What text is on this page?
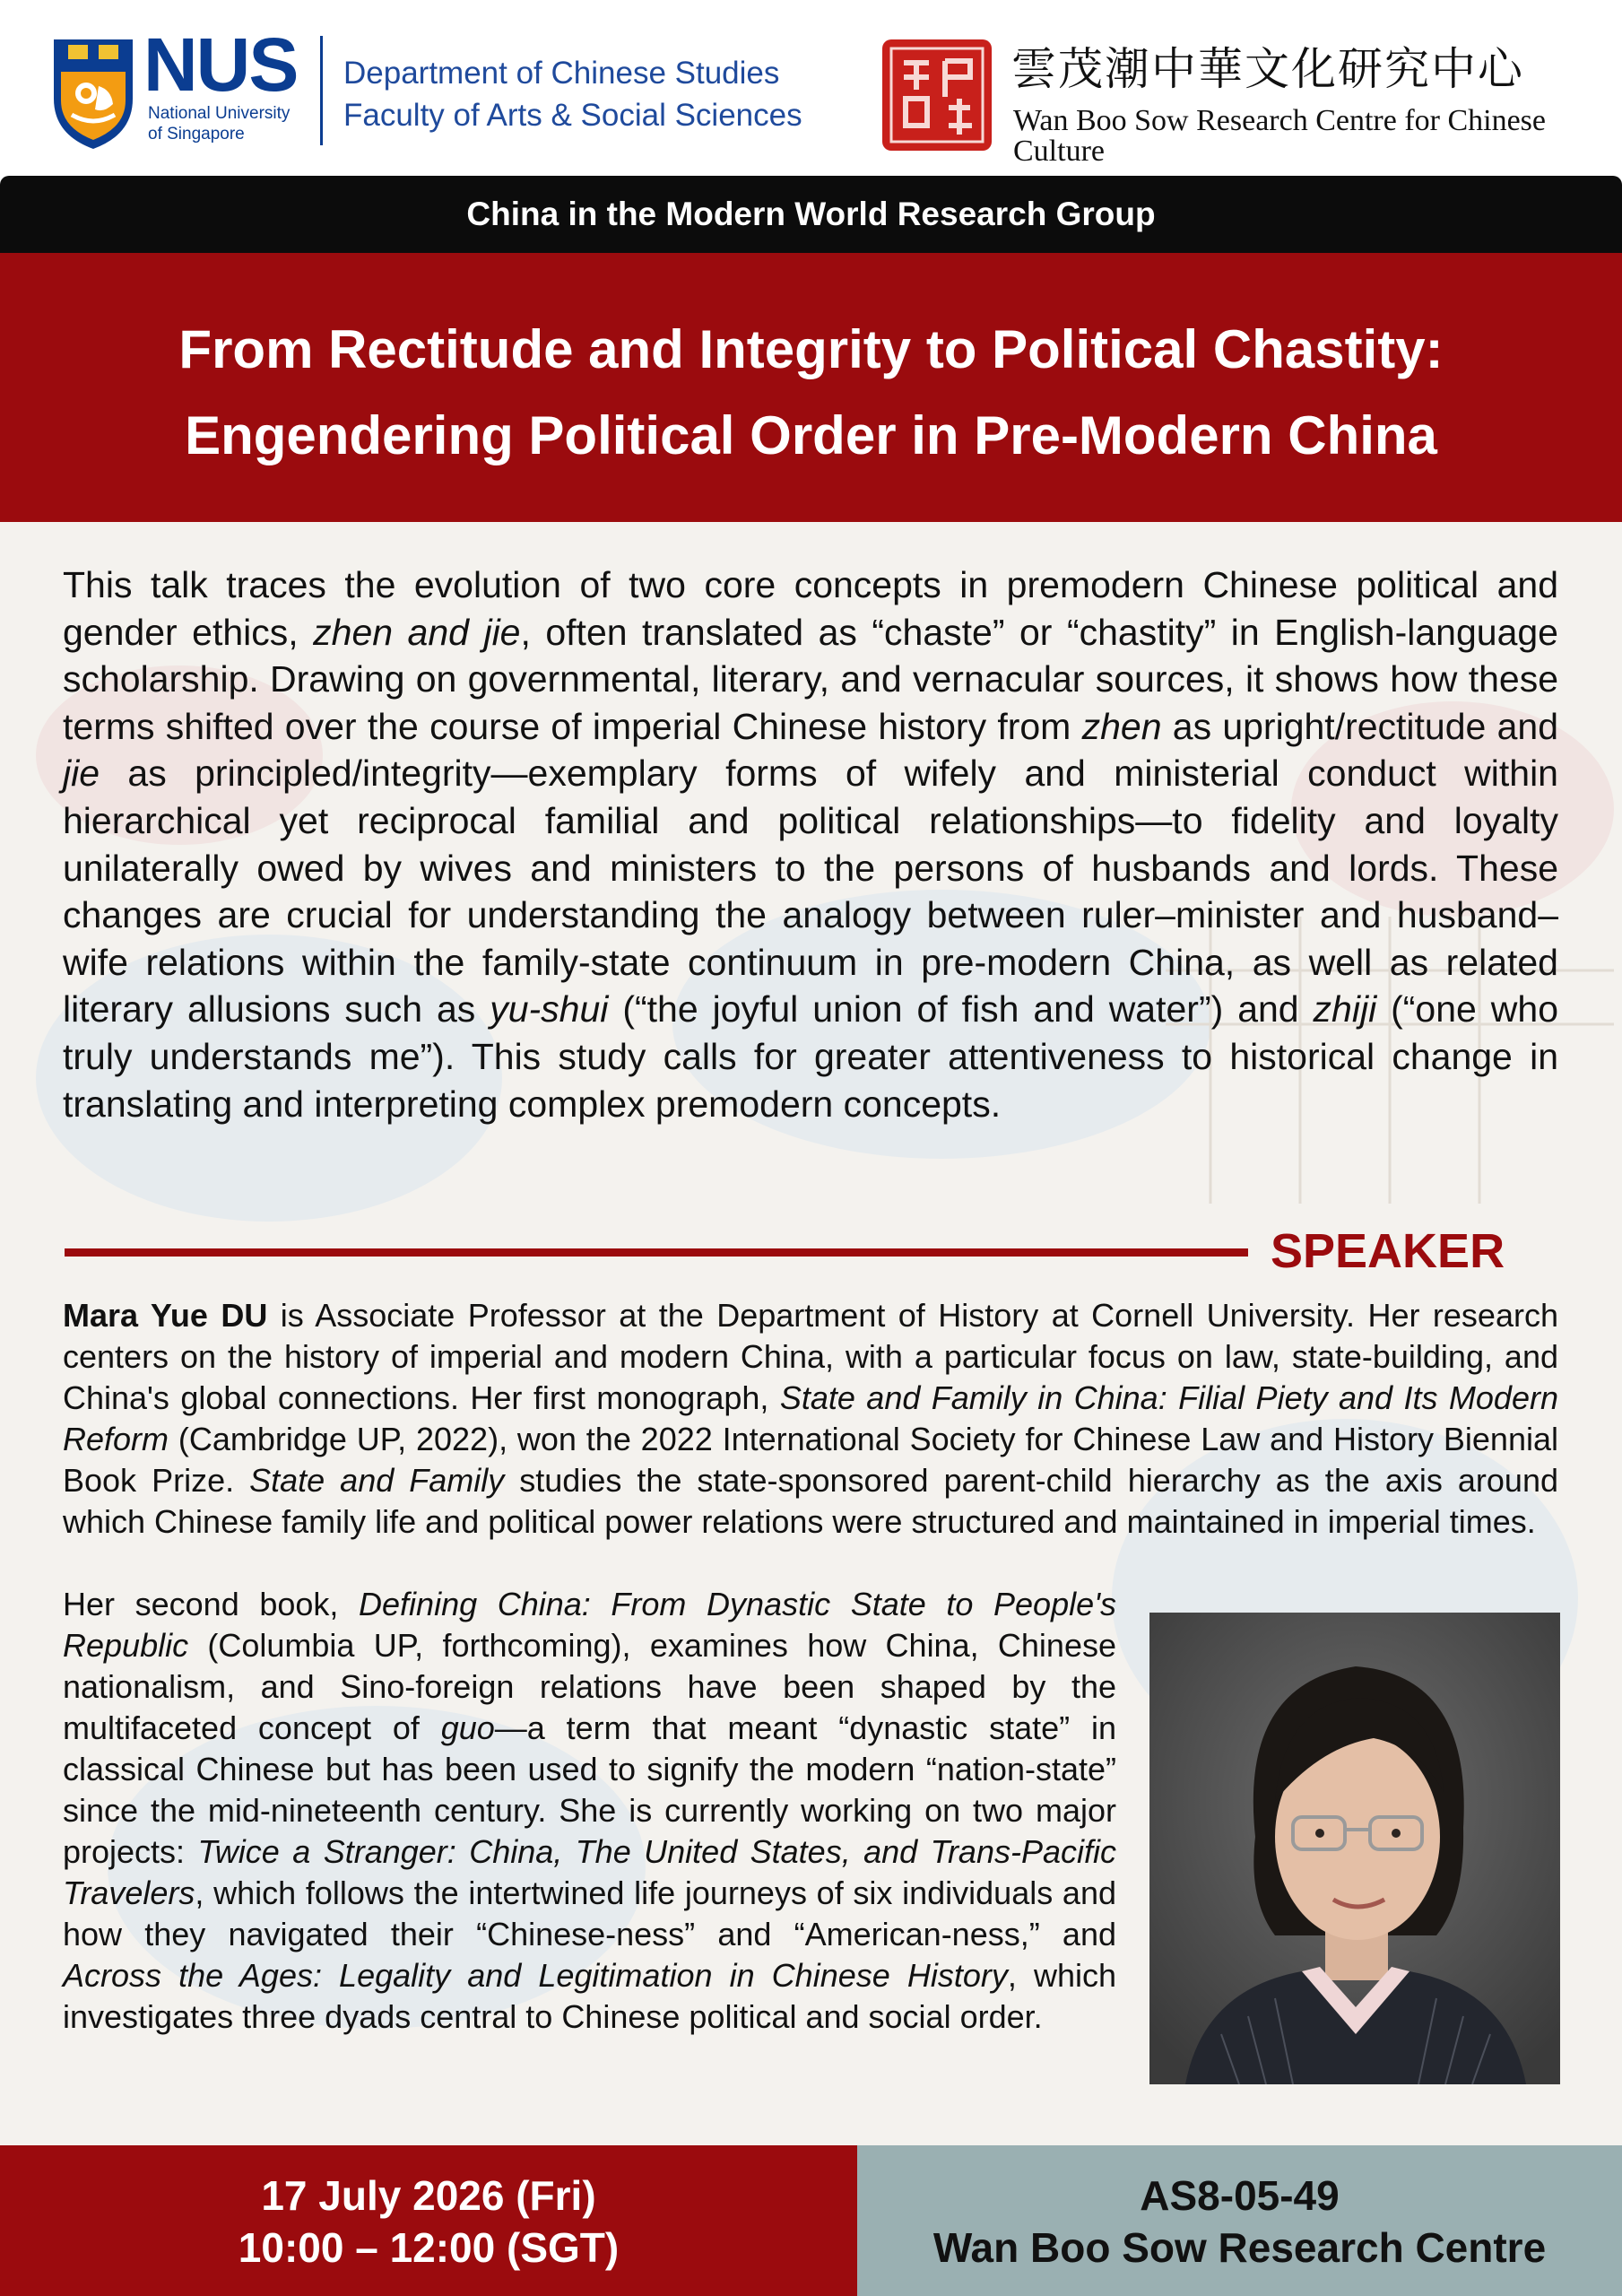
NUS
National University
of Singapore
Department of Chinese Studies
Faculty of Arts & Social Sciences
雲茂潮中華文化研究中心
Wan Boo Sow Research Centre for Chinese Culture
China in the Modern World Research Group
From Rectitude and Integrity to Political Chastity:
Engendering Political Order in Pre-Modern China
This talk traces the evolution of two core concepts in premodern Chinese political and gender ethics, zhen and jie, often translated as “chaste” or “chastity” in English-language scholarship. Drawing on governmental, literary, and vernacular sources, it shows how these terms shifted over the course of imperial Chinese history from zhen as upright/rectitude and jie as principled/integrity—exemplary forms of wifely and ministerial conduct within hierarchical yet reciprocal familial and political relationships—to fidelity and loyalty unilaterally owed by wives and ministers to the persons of husbands and lords. These changes are crucial for understanding the analogy between ruler–minister and husband–wife relations within the family-state continuum in pre-modern China, as well as related literary allusions such as yu-shui (“the joyful union of fish and water”) and zhiji (“one who truly understands me”). This study calls for greater attentiveness to historical change in translating and interpreting complex premodern concepts.
SPEAKER
Mara Yue DU is Associate Professor at the Department of History at Cornell University. Her research centers on the history of imperial and modern China, with a particular focus on law, state-building, and China's global connections. Her first monograph, State and Family in China: Filial Piety and Its Modern Reform (Cambridge UP, 2022), won the 2022 International Society for Chinese Law and History Biennial Book Prize. State and Family studies the state-sponsored parent-child hierarchy as the axis around which Chinese family life and political power relations were structured and maintained in imperial times.
Her second book, Defining China: From Dynastic State to People's Republic (Columbia UP, forthcoming), examines how China, Chinese nationalism, and Sino-foreign relations have been shaped by the multifaceted concept of guo—a term that meant “dynastic state” in classical Chinese but has been used to signify the modern “nation-state” since the mid-nineteenth century. She is currently working on two major projects: Twice a Stranger: China, The United States, and Trans-Pacific Travelers, which follows the intertwined life journeys of six individuals and how they navigated their “Chinese-ness” and “American-ness,” and Across the Ages: Legality and Legitimation in Chinese History, which investigates three dyads central to Chinese political and social order.
17 July 2026 (Fri)
10:00 – 12:00 (SGT)
AS8-05-49
Wan Boo Sow Research Centre
